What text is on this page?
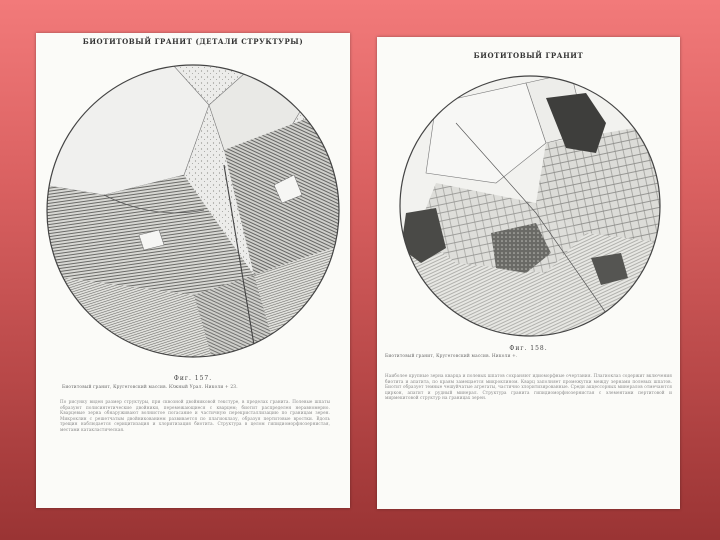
БИОТИТОВЫЙ ГРАНИТ (ДЕТАЛИ СТРУКТУРЫ)
Фиг. 157.
Биотитовый гранит, Кругеговский массив. Южный Урал. Николи + 23.
По рисунку виден размер структуры, при сквозной двойниковой текстуре, в пределах гранита. Полевые шпаты образуют полисинтетические двойники, перемежающиеся с кварцем; биотит распределен неравномерно. Кварцевые зерна обнаруживают волнистое погасание и частичную перекристаллизацию по границам зерен. Микроклин с решетчатым двойникованием развивается по плагиоклазу, образуя пертитовые вростки. Вдоль трещин наблюдается серицитизация и хлоритизация биотита. Структура в целом гипидиоморфнозернистая, местами катакластическая.
БИОТИТОВЫЙ ГРАНИТ
Фиг. 158.
Биотитовый гранит, Кругеговский массив. Николи +.
Наиболее крупные зерна кварца и полевых шпатов сохраняют идиоморфные очертания. Плагиоклаз содержит включения биотита и апатита, по краям замещается микроклином. Кварц заполняет промежутки между зернами полевых шпатов. Биотит образует темные чешуйчатые агрегаты, частично хлоритизированные. Среди акцессорных минералов отмечаются циркон, апатит и рудный минерал. Структура гранита гипидиоморфнозернистая с элементами пертитовой и мирмекитовой структур на границах зерен.
